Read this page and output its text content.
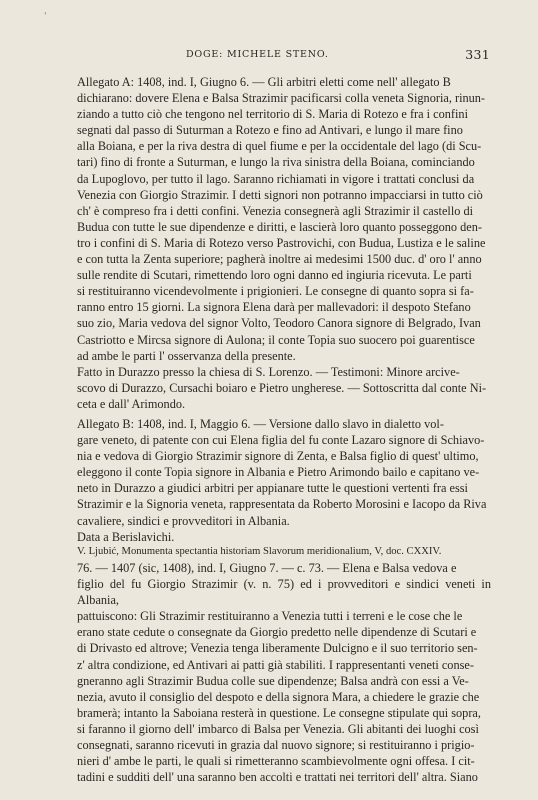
'
DOGE: MICHELE STENO.	331

Allegato A: 1408, ind. I, Giugno 6. — Gli arbitri eletti come nell' allegato B

dichiarano: dovere Elena e Balsa Strazimir pacificarsi colla veneta Signoria, rinun-

ziando a tutto ciò che tengono nel territorio di S. Maria di Rotezo e fra i confini

segnati dal passo di Suturman a Rotezo e fino ad Antivari, e lungo il mare fino

alla Boiana, e per la riva destra di quel fiume e per la occidentale del lago (di Scu-

tari) fino di fronte a Suturman, e lungo la riva sinistra della Boiana, cominciando

da Lupoglovo, per tutto il lago. Saranno richiamati in vigore i trattati conclusi da

Venezia con Giorgio Strazimir. I detti signori non potranno impacciarsi in tutto ciò

ch' è compreso fra i detti confini. Venezia consegnerà agli Strazimir il castello di

Budua con tutte le sue dipendenze e diritti, e lascierà loro quanto posseggono den-

tro i confini di S. Maria di Rotezo verso Pastrovichi, con Budua, Lustiza e le saline

e con tutta la Zenta superiore; pagherà inoltre ai medesimi 1500 duc. d' oro l' anno

sulle rendite di Scutari, rimettendo loro ogni danno ed ingiuria ricevuta. Le parti

si restituiranno vicendevolmente i prigionieri. Le consegne di quanto sopra si fa-

ranno entro 15 giorni. La signora Elena darà per mallevadori: il despoto Stefano

suo zio, Maria vedova del signor Volto, Teodoro Canora signore di Belgrado, Ivan

Castriotto e Mircsa signore di Aulona; il conte Topia suo suocero poi guarentisce

ad ambe le parti l' osservanza della presente.

Fatto in Durazzo presso la chiesa di S. Lorenzo. — Testimoni: Minore arcive-

scovo di Durazzo, Cursachi boiaro e Pietro ungherese. — Sottoscritta dal conte Ni-

ceta e dall' Arimondo.

Allegato B: 1408, ind. I, Maggio 6. — Versione dallo slavo in dialetto vol-

gare veneto, di patente con cui Elena figlia del fu conte Lazaro signore di Schiavo-

nia e vedova di Giorgio Strazimir signore di Zenta, e Balsa figlio di quest' ultimo,

eleggono il conte Topia signore in Albania e Pietro Arimondo bailo e capitano ve-

neto in Durazzo a giudici arbitri per appianare tutte le questioni vertenti fra essi

Strazimir e la Signoria veneta, rappresentata da Roberto Morosini e Iacopo da Riva

cavaliere, sindici e provveditori in Albania.

Data a Berislavichi.

V. Ljubić, Monumenta spectantia historiam Slavorum meridionalium, V, doc. CXXIV.

76. — 1407 (sic, 1408), ind. I, Giugno 7. — c. 73. — Elena e Balsa vedova e

figlio del fu Giorgio Strazimir (v. n. 75) ed i provveditori e sindici veneti in Albania,

pattuiscono: Gli Strazimir restituiranno a Venezia tutti i terreni e le cose che le

erano state cedute o consegnate da Giorgio predetto nelle dipendenze di Scutari e

di Drivasto ed altrove; Venezia tenga liberamente Dulcigno e il suo territorio sen-

z' altra condizione, ed Antivari ai patti già stabiliti. I rappresentanti veneti conse-

gneranno agli Strazimir Budua colle sue dipendenze; Balsa andrà con essi a Ve-

nezia, avuto il consiglio del despoto e della signora Mara, a chiedere le grazie che

bramerà; intanto la Saboiana resterà in questione. Le consegne stipulate qui sopra,

si faranno il giorno dell' imbarco di Balsa per Venezia. Gli abitanti dei luoghi così

consegnati, saranno ricevuti in grazia dal nuovo signore; si restituiranno i prigio-

nieri d' ambe le parti, le quali si rimetteranno scambievolmente ogni offesa. I cit-

tadini e sudditi dell' una saranno ben accolti e trattati nei territori dell' altra. Siano
